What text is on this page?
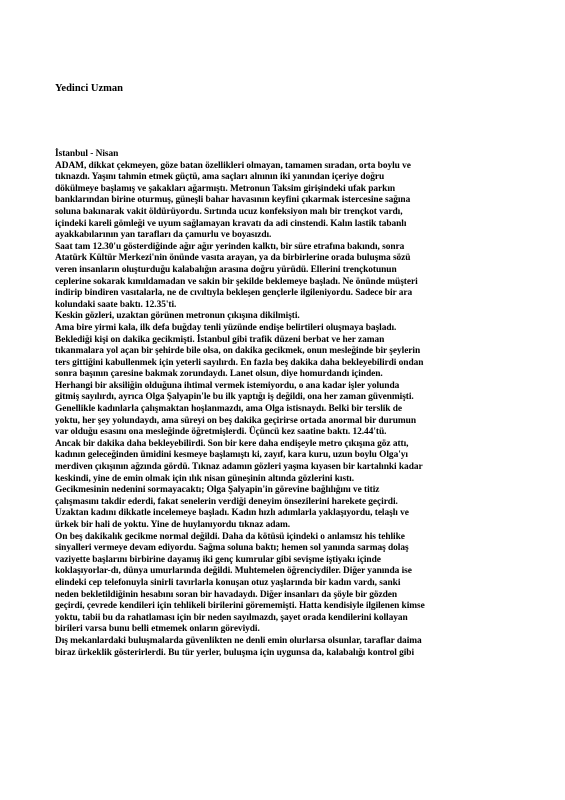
Yedinci Uzman
İstanbul - Nisan
ADAM, dikkat çekmeyen, göze batan özellikleri olmayan, tamamen sıradan, orta boylu ve
tıknazdı. Yaşını tahmin etmek güçtü, ama saçları alnının iki yanından içeriye doğru
dökülmeye başlamış ve şakakları ağarmıştı. Metronun Taksim girişindeki ufak parkın
banklarından birine oturmuş, güneşli bahar havasının keyfini çıkarmak istercesine sağına
soluna bakınarak vakit öldürüyordu. Sırtında ucuz konfeksiyon malı bir trençkot vardı,
içindeki kareli gömleği ve uyum sağlamayan kravatı da adi cinstendi. Kalın lastik tabanlı
ayakkabılarının yan tarafları da çamurlu ve boyasızdı.
Saat tam 12.30'u gösterdiğinde ağır ağır yerinden kalktı, bir süre etrafına bakındı, sonra
Atatürk Kültür Merkezi'nin önünde vasıta arayan, ya da birbirlerine orada buluşma sözü
veren insanların oluşturduğu kalabalığın arasına doğru yürüdü. Ellerini trençkotunun
ceplerine sokarak kımıldamadan ve sakin bir şekilde beklemeye başladı. Ne önünde müşteri
indirip bindiren vasıtalarla, ne de cıvıltıyla bekleşen gençlerle ilgileniyordu. Sadece bir ara
kolundaki saate baktı. 12.35'ti.
Keskin gözleri, uzaktan görünen metronun çıkışına dikilmişti.
Ama bire yirmi kala, ilk defa buğday tenli yüzünde endişe belirtileri oluşmaya başladı.
Beklediği kişi on dakika gecikmişti. İstanbul gibi trafik düzeni berbat ve her zaman
tıkanmalara yol açan bir şehirde bile olsa, on dakika gecikmek, onun mesleğinde bir şeylerin
ters gittiğini kabullenmek için yeterli sayılırdı. En fazla beş dakika daha bekleyebilirdi ondan
sonra başının çaresine bakmak zorundaydı. Lanet olsun, diye homurdandı içinden.
Herhangi bir aksiliğin olduğuna ihtimal vermek istemiyordu, o ana kadar işler yolunda
gitmiş sayılırdı, ayrıca Olga Şalyapin'le bu ilk yaptığı iş değildi, ona her zaman güvenmişti.
Genellikle kadınlarla çalışmaktan hoşlanmazdı, ama Olga istisnaydı. Belki bir terslik de
yoktu, her şey yolundaydı, ama süreyi on beş dakika geçirirse ortada anormal bir durumun
var olduğu esasını ona mesleğinde öğretmişlerdi. Üçüncü kez saatine baktı. 12.44'tü.
Ancak bir dakika daha bekleyebilirdi. Son bir kere daha endişeyle metro çıkışına göz attı,
kadının geleceğinden ümidini kesmeye başlamıştı ki, zayıf, kara kuru, uzun boylu Olga'yı
merdiven çıkışının ağzında gördü. Tıknaz adamın gözleri yaşma kıyasen bir kartalınki kadar
keskindi, yine de emin olmak için ılık nisan güneşinin altında gözlerini kıstı.
Gecikmesinin nedenini sormayacaktı; Olga Şalyapin'in görevine bağlılığını ve titiz
çalışmasını takdir ederdi, fakat senelerin verdiği deneyim önsezilerini harekete geçirdi.
Uzaktan kadını dikkatle incelemeye başladı. Kadın hızlı adımlarla yaklaşıyordu, telaşlı ve
ürkek bir hali de yoktu. Yine de huylanıyordu tıknaz adam.
On beş dakikalık gecikme normal değildi. Daha da kötüsü içindeki o anlamsız his tehlike
sinyalleri vermeye devam ediyordu. Sağma soluna baktı; hemen sol yanında sarmaş dolaş
vaziyette başlarını birbirine dayamış iki genç kumrular gibi sevişme iştiyakı içinde
koklaşıyorlar-dı, dünya umurlarında değildi. Muhtemelen öğrenciydiler. Diğer yanında ise
elindeki cep telefonuyla sinirli tavırlarla konuşan otuz yaşlarında bir kadın vardı, sanki
neden bekletildiğinin hesabını soran bir havadaydı. Diğer insanları da şöyle bir gözden
geçirdi, çevrede kendileri için tehlikeli birilerini görememişti. Hatta kendisiyle ilgilenen kimse
yoktu, tabii bu da rahatlaması için bir neden sayılmazdı, şayet orada kendilerini kollayan
birileri varsa bunu belli etmemek onların göreviydi.
Dış mekanlardaki buluşmalarda güvenlikten ne denli emin olurlarsa olsunlar, taraflar daima
biraz ürkeklik gösterirlerdi. Bu tür yerler, buluşma için uygunsa da, kalabalığı kontrol gibi
